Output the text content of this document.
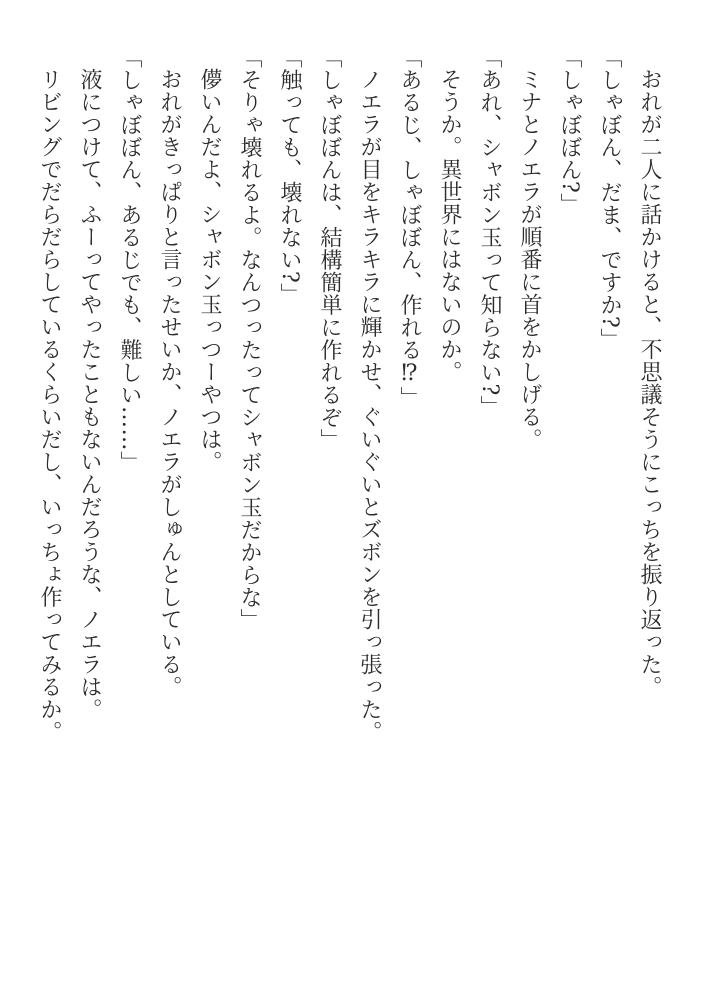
おれが二人に話かけると、不思議そうにこっちを振り返った。

「しゃぼん、だま、ですか?」

「しゃぼぼん?」

ミナとノエラが順番に首をかしげる。

「あれ、シャボン玉って知らない?」

そうか。異世界にはないのか。

「あるじ、しゃぼぼん、作れる⁉」

ノエラが目をキラキラに輝かせ、ぐいぐいとズボンを引っ張った。

「しゃぼぼんは、結構簡単に作れるぞ」

「触っても、壊れない?」

「そりゃ壊れるよ。なんつったってシャボン玉だからな」

儚いんだよ、シャボン玉っつーやつは。

おれがきっぱりと言ったせいか、ノエラがしゅんとしている。

「しゃぼぼん、あるじでも、難しい……」

液につけて、ふーってやったこともないんだろうな、ノエラは。

リビングでだらだらしているくらいだし、いっちょ作ってみるか。
